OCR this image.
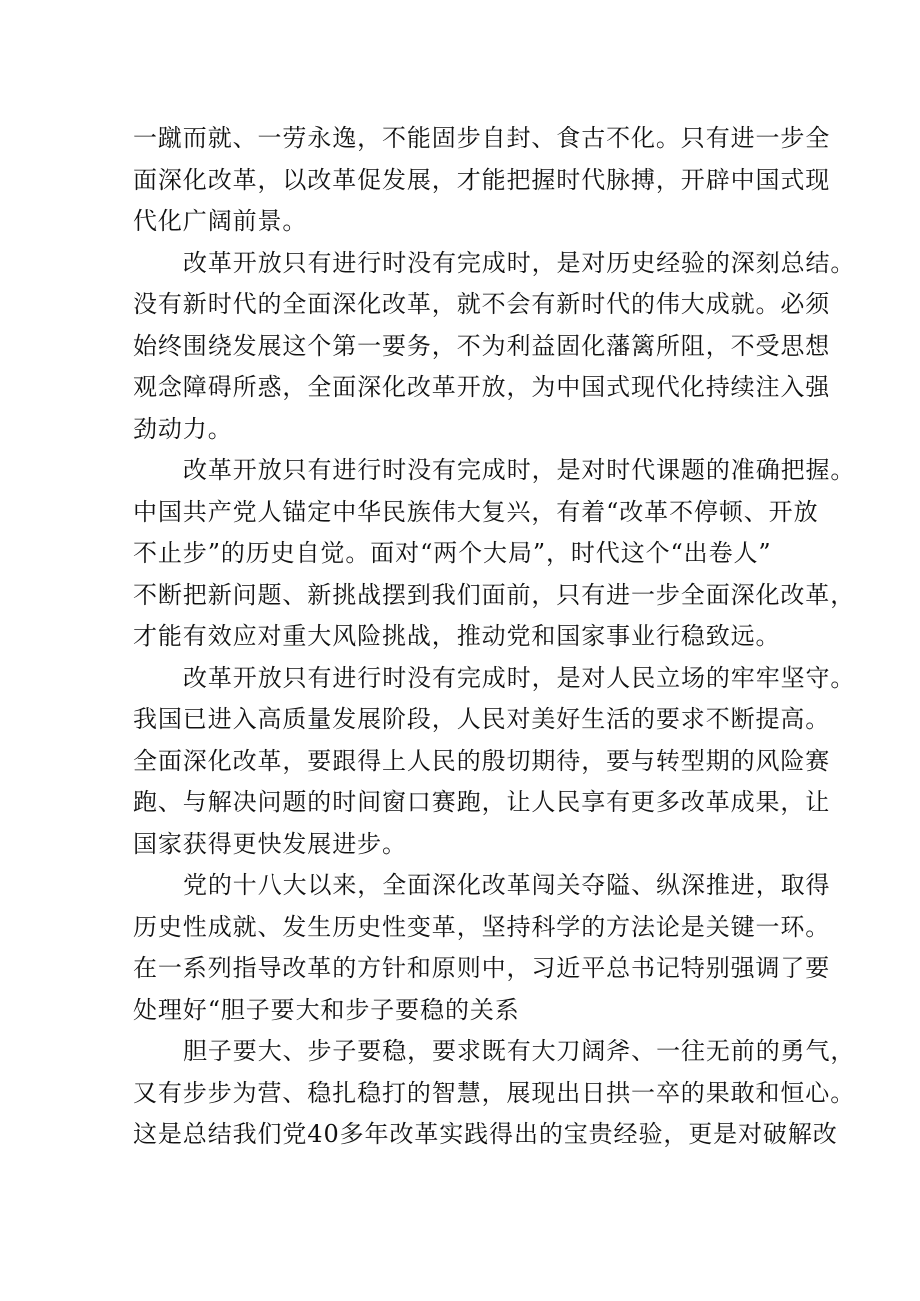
一蹴而就、一劳永逸，不能固步自封、食古不化。只有进一步全
面深化改革，以改革促发展，才能把握时代脉搏，开辟中国式现
代化广阔前景。

改革开放只有进行时没有完成时，是对历史经验的深刻总结。
没有新时代的全面深化改革，就不会有新时代的伟大成就。必须
始终围绕发展这个第一要务，不为利益固化藩篱所阻，不受思想
观念障碍所惑，全面深化改革开放，为中国式现代化持续注入强
劲动力。

改革开放只有进行时没有完成时，是对时代课题的准确把握。
中国共产党人锚定中华民族伟大复兴，有着“改革不停顿、开放
不止步”的历史自觉。面对“两个大局”，时代这个“出卷人”
不断把新问题、新挑战摆到我们面前，只有进一步全面深化改革，
才能有效应对重大风险挑战，推动党和国家事业行稳致远。

改革开放只有进行时没有完成时，是对人民立场的牢牢坚守。
我国已进入高质量发展阶段，人民对美好生活的要求不断提高。
全面深化改革，要跟得上人民的殷切期待，要与转型期的风险赛
跑、与解决问题的时间窗口赛跑，让人民享有更多改革成果，让
国家获得更快发展进步。

党的十八大以来，全面深化改革闯关夺隘、纵深推进，取得
历史性成就、发生历史性变革，坚持科学的方法论是关键一环。
在一系列指导改革的方针和原则中，习近平总书记特别强调了要
处理好“胆子要大和步子要稳的关系

胆子要大、步子要稳，要求既有大刀阔斧、一往无前的勇气，
又有步步为营、稳扎稳打的智慧，展现出日拱一卒的果敢和恒心。
这是总结我们党40多年改革实践得出的宝贵经验，更是对破解改
